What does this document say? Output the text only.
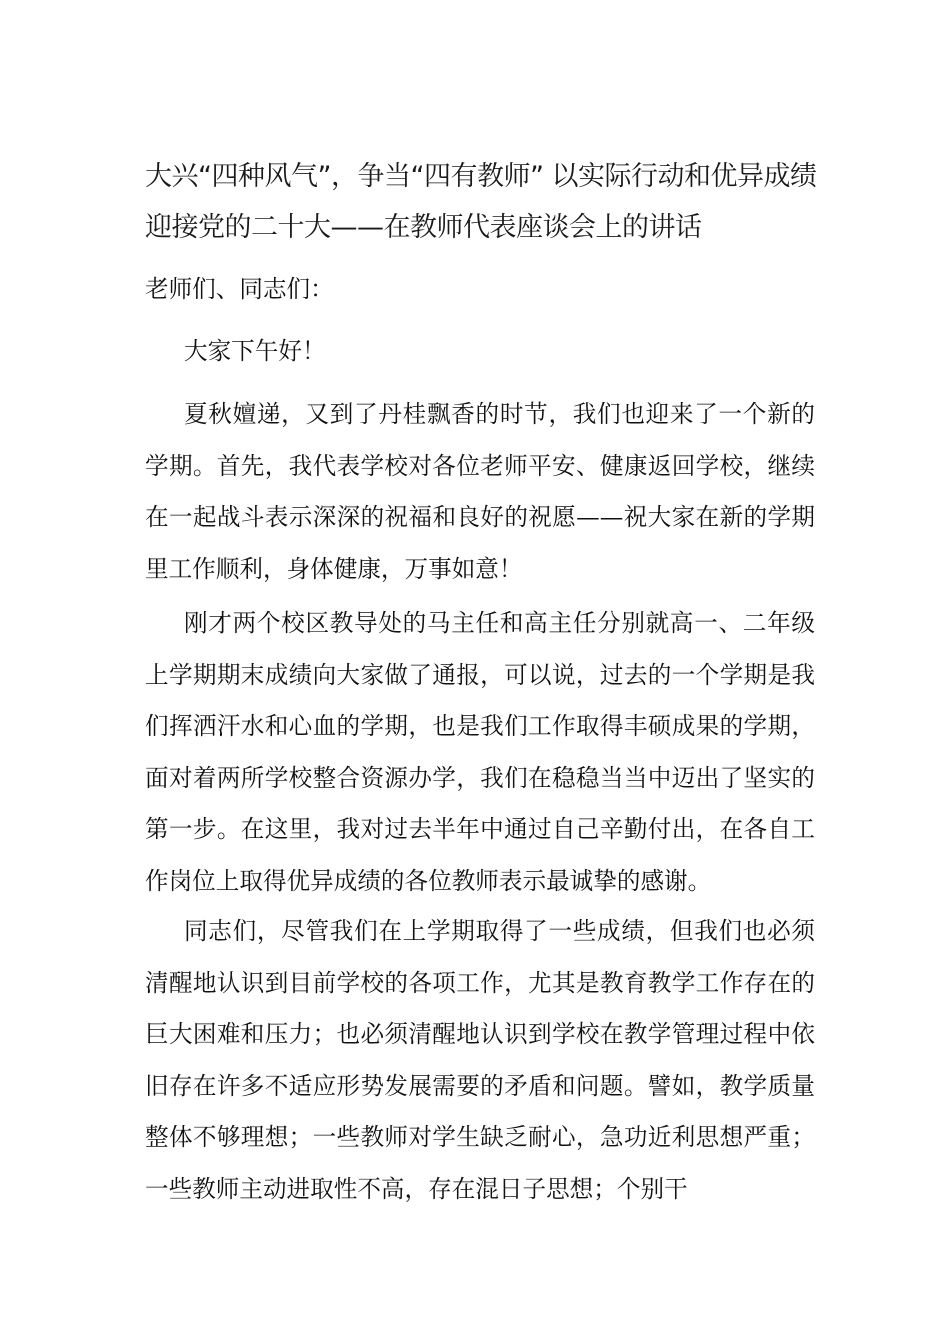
大兴“四种风气”，争当“四有教师” 以实际行动和优异成绩
迎接党的二十大——在教师代表座谈会上的讲话

老师们、同志们：

大家下午好！

夏秋嬗递，又到了丹桂飘香的时节，我们也迎来了一个新的学期。首先，我代表学校对各位老师平安、健康返回学校，继续在一起战斗表示深深的祝福和良好的祝愿——祝大家在新的学期里工作顺利，身体健康，万事如意！

刚才两个校区教导处的马主任和高主任分别就高一、二年级上学期期末成绩向大家做了通报，可以说，过去的一个学期是我们挥洒汗水和心血的学期，也是我们工作取得丰硕成果的学期，面对着两所学校整合资源办学，我们在稳稳当当中迈出了坚实的第一步。在这里，我对过去半年中通过自己辛勤付出，在各自工作岗位上取得优异成绩的各位教师表示最诚挚的感谢。

同志们，尽管我们在上学期取得了一些成绩，但我们也必须清醒地认识到目前学校的各项工作，尤其是教育教学工作存在的巨大困难和压力；也必须清醒地认识到学校在教学管理过程中依旧存在许多不适应形势发展需要的矛盾和问题。譬如，教学质量整体不够理想；一些教师对学生缺乏耐心，急功近利思想严重；一些教师主动进取性不高，存在混日子思想；个别干
